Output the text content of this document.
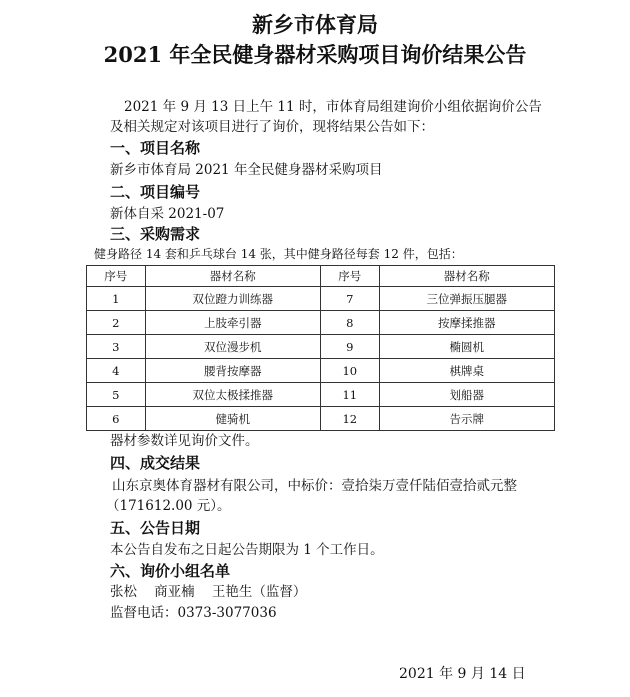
新乡市体育局
2021 年全民健身器材采购项目询价结果公告
2021 年 9 月 13 日上午 11 时，市体育局组建询价小组依据询价公告
及相关规定对该项目进行了询价，现将结果公告如下：
一、项目名称
新乡市体育局 2021 年全民健身器材采购项目
二、项目编号
新体自采 2021-07
三、采购需求
健身路径 14 套和乒乓球台 14 张，其中健身路径每套 12 件，包括：
序号	器材名称	序号	器材名称
1	双位蹬力训练器	7	三位弹振压腿器
2	上肢牵引器	8	按摩揉推器
3	双位漫步机	9	椭圆机
4	腰背按摩器	10	棋牌桌
5	双位太极揉推器	11	划船器
6	健骑机	12	告示牌
器材参数详见询价文件。
四、成交结果
山东京奥体育器材有限公司，中标价：壹拾柒万壹仟陆佰壹拾贰元整
（171612.00 元）。
五、公告日期
本公告自发布之日起公告期限为 1 个工作日。
六、询价小组名单
张松    商亚楠    王艳生（监督）
监督电话：0373-3077036
2021 年 9 月 14 日
